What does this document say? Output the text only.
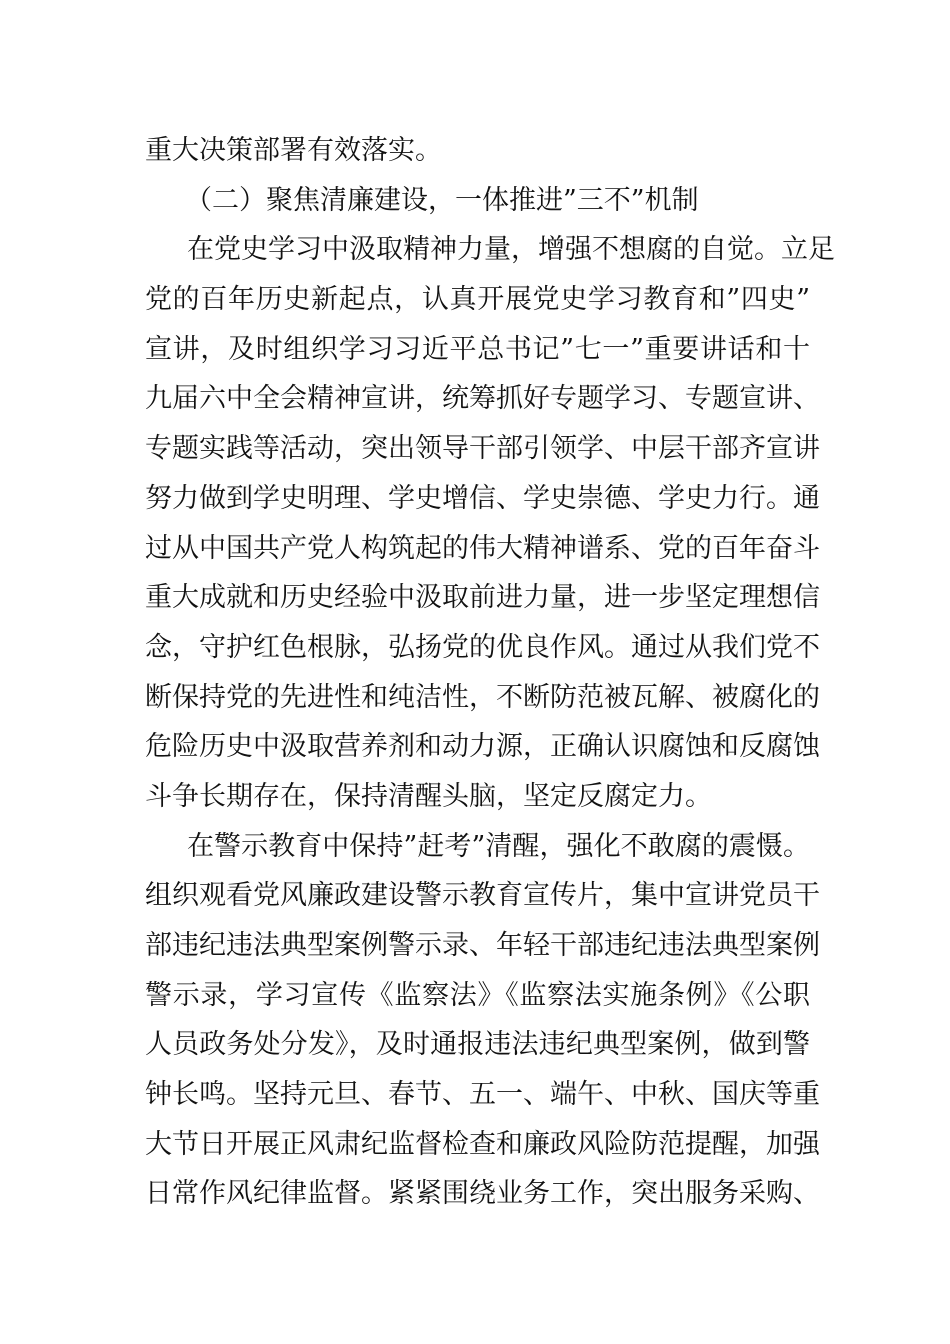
重大决策部署有效落实。
（二）聚焦清廉建设，一体推进”三不”机制
在党史学习中汲取精神力量，增强不想腐的自觉。立足
党的百年历史新起点，认真开展党史学习教育和”四史”
宣讲，及时组织学习习近平总书记”七一”重要讲话和十
九届六中全会精神宣讲，统筹抓好专题学习、专题宣讲、
专题实践等活动，突出领导干部引领学、中层干部齐宣讲
努力做到学史明理、学史增信、学史崇德、学史力行。通
过从中国共产党人构筑起的伟大精神谱系、党的百年奋斗
重大成就和历史经验中汲取前进力量，进一步坚定理想信
念，守护红色根脉，弘扬党的优良作风。通过从我们党不
断保持党的先进性和纯洁性，不断防范被瓦解、被腐化的
危险历史中汲取营养剂和动力源，正确认识腐蚀和反腐蚀
斗争长期存在，保持清醒头脑，坚定反腐定力。
在警示教育中保持”赶考”清醒，强化不敢腐的震慑。
组织观看党风廉政建设警示教育宣传片，集中宣讲党员干
部违纪违法典型案例警示录、年轻干部违纪违法典型案例
警示录，学习宣传《监察法》《监察法实施条例》《公职
人员政务处分发》，及时通报违法违纪典型案例，做到警
钟长鸣。坚持元旦、春节、五一、端午、中秋、国庆等重
大节日开展正风肃纪监督检查和廉政风险防范提醒，加强
日常作风纪律监督。紧紧围绕业务工作，突出服务采购、
